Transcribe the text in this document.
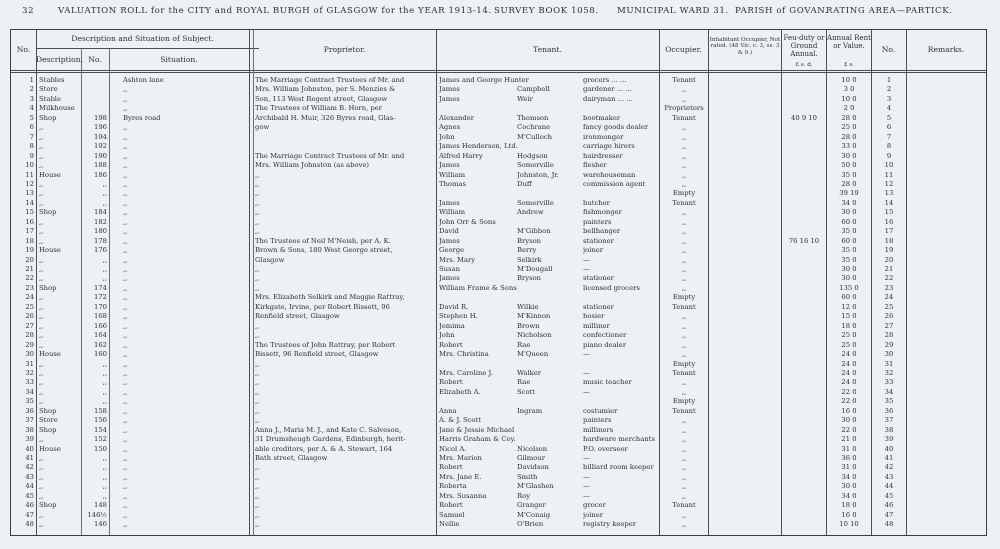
32	VALUATION ROLL for the CITY and ROYAL BURGH of GLASGOW for the YEAR 1913-14. SURVEY BOOK 1058. MUNICIPAL WARD 31. PARISH of GOVAN.
RATING AREA—PARTICK.
No.
Description and Situation of Subject.
Description. No.	Situation.
Proprietor.	Tenant.	Occupier.
Inhabitant Occupier, Not rated. (48 Vic. c. 3, ss. 3 & 9.)
Feu-duty or Ground Annual.
Annual Rent or Value.	No.	Remarks.
£ s. d.	£ s.
1 Stables	Ashton lane	The Marriage Contract Trustees of Mr. and	James and George Hunter	grocers ... ...	Tenant	10 0	1
2 Store	,,	Mrs. William Johnston, per S. Menzies &	James	Campbell	gardener ... ...	,,	3 0	2
3 Stable	,,	Son, 113 West Regent street, Glasgow	James	Weir	dairyman ... ...	,,	10 0	3
4 Milkhouse	,,	The Trustees of William B. Horn, per	Proprietors	2 0	4
5 Shop	198 Byres road	Archibald H. Muir, 326 Byres road, Glas-	Alexander	Thomson	bootmaker	Tenant	40 9 10	28 0	5
6 ,,	196 ,,	gow	Agnes	Cochrane	fancy goods dealer	,,	25 0	6
7 ,,	194 ,,	John	M'Culloch	ironmonger	,,	28 0	7
8 ,,	192 ,,	James Henderson, Ltd.	carriage hirers	,,	33 0	8
9 ,,	190 ,,	The Marriage Contract Trustees of Mr. and	Alfred Harry	Hodgson	hairdresser	,,	30 0	9
10 ,,	188 ,,	Mrs. William Johnston (as above)	James	Somerville	flesher	,,	50 0	10
11 House	186 ,,	,,	William	Johnston, Jr.	warehouseman	,,	35 0	11
12 ,,	,, ,,	,,	Thomas	Duff	commission agent	,,	28 0	12
13 ,,	,, ,,	,,	Empty	39 19	13
14 ,,	,, ,,	,,	James	Somerville	butcher	Tenant	34 0	14
15 Shop	184 ,,	,,	William	Andrew	fishmonger	,,	30 0	15
16 ,,	182 ,,	,,	John Orr & Sons	painters	,,	60 0	16
17 ,,	180 ,,	,,	David	M'Gibbon	bellhanger	,,	35 0	17
18 ,,	178 ,,	The Trustees of Neil M'Neish, per A. K.	James	Bryson	stationer	,,	76 16 10	60 0	18
19 House	176 ,,	Brown & Sons, 180 West George street,	George	Berry	joiner	,,	35 0	19
20 ,,	,, ,,	Glasgow	Mrs. Mary	Selkirk	—	,,	35 0	20
21 ,,	,, ,,	,,	Susan	M'Dougall	—	,,	30 0	21
22 ,,	,, ,,	,,	James	Bryson	stationer	,,	30 0	22
23 Shop	174 ,,	,,	William Frame & Sons	licensed grocers	,,	135 0	23
24 ,,	172 ,,	Mrs. Elizabeth Selkirk and Maggie Rattray,	Empty	60 0	24
25 ,,	170 ,,	Kirkgate, Irvine, per Robert Bissett, 96	David R.	Wilkie	stationer	Tenant	12 0	25
26 ,,	168 ,,	Renfield street, Glasgow	Stephen H.	M'Kinnon	hosier	,,	15 0	26
27 ,,	166 ,,	,,	Jemima	Brown	milliner	,,	18 0	27
28 ,,	164 ,,	,,	John	Nicholson	confectioner	,,	25 0	28
29 ,,	162 ,,	The Trustees of John Rattray, per Robert	Robert	Rae	piano dealer	,,	25 0	29
30 House	160 ,,	Bissett, 96 Renfield street, Glasgow	Mrs. Christina	M'Queen	—	,,	24 0	30
31 ,,	,, ,,	,,	Empty	24 0	31
32 ,,	,, ,,	,,	Mrs. Caroline J.	Walker	—	Tenant	24 0	32
33 ,,	,, ,,	,,	Robert	Rae	music teacher	,,	24 0	33
34 ,,	,, ,,	,,	Elizabeth A.	Scott	—	,,	22 0	34
35 ,,	,, ,,	,,	Empty	22 0	35
36 Shop	158 ,,	,,	Anna	Ingram	costumier	Tenant	16 0	36
37 Store	156 ,,	,,	A. & J. Scott	painters	,,	30 0	37
38 Shop	154 ,,	Anna J., Maria M. J., and Kate C. Salveson,	Jane & Jessie Michael	milliners	,,	22 0	38
39 ,,	152 ,,	31 Drumsheugh Gardens, Edinburgh, herit-	Harris Graham & Coy.	hardware merchants	,,	21 0	39
40 House	150 ,,	able creditors, per A. & A. Stewart, 164	Nicol A.	Nicolson	P.O. overseer	,,	31 0	40
41 ,,	,, ,,	Bath street, Glasgow	Mrs. Marion	Gilmour	—	,,	36 0	41
42 ,,	,, ,,	,,	Robert	Davidson	billiard room keeper	,,	31 0	42
43 ,,	,, ,,	,,	Mrs. Jane E.	Smith	—	,,	34 0	43
44 ,,	,, ,,	,,	Roberta	M'Glashen	—	,,	30 0	44
45 ,,	,, ,,	,,	Mrs. Susanna	Roy	—	,,	34 0	45
46 Shop	148 ,,	,,	Robert	Granger	grocer	Tenant	18 0	46
47 ,,	146½ ,,	,,	Samuel	M'Conaig	joiner	,,	16 0	47
48 ,,	146 ,,	,,	Nellie	O'Brien	registry keeper	,,	10 10	48
